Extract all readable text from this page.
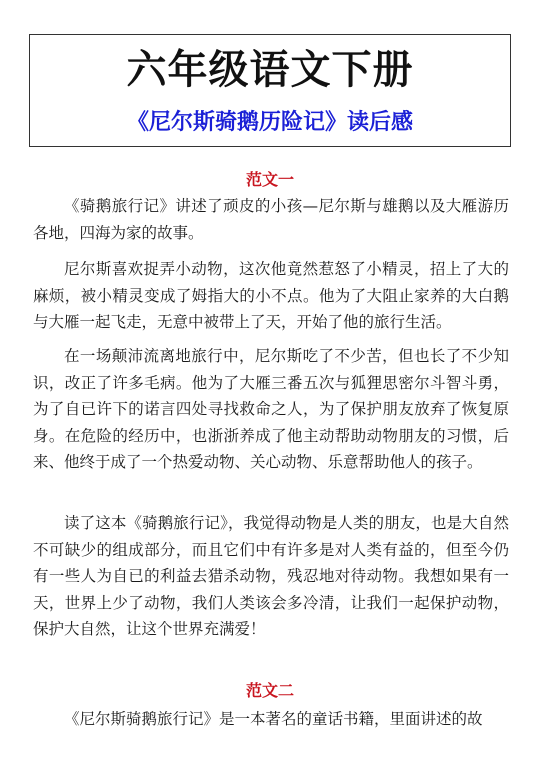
六年级语文下册
《尼尔斯骑鹅历险记》读后感
范文一

《骑鹅旅行记》讲述了顽皮的小孩—尼尔斯与雄鹅以及大雁游历各地，四海为家的故事。

尼尔斯喜欢捉弄小动物，这次他竟然惹怒了小精灵，招上了大的麻烦，被小精灵变成了姆指大的小不点。他为了大阻止家养的大白鹅与大雁一起飞走，无意中被带上了天，开始了他的旅行生活。

在一场颠沛流离地旅行中，尼尔斯吃了不少苦，但也长了不少知识，改正了许多毛病。他为了大雁三番五次与狐狸思密尔斗智斗勇，为了自已许下的诺言四处寻找救命之人，为了保护朋友放弃了恢复原身。在危险的经历中，也浙浙养成了他主动帮助动物朋友的习惯，后来、他终于成了一个热爱动物、关心动物、乐意帮助他人的孩子。

读了这本《骑鹅旅行记》，我觉得动物是人类的朋友，也是大自然不可缺少的组成部分，而且它们中有许多是对人类有益的，但至今仍有一些人为自已的利益去猎杀动物，残忍地对待动物。我想如果有一天，世界上少了动物，我们人类该会多冷清，让我们一起保护动物，保护大自然，让这个世界充满爱！

范文二

《尼尔斯骑鹅旅行记》是一本著名的童话书籍，里面讲述的故
